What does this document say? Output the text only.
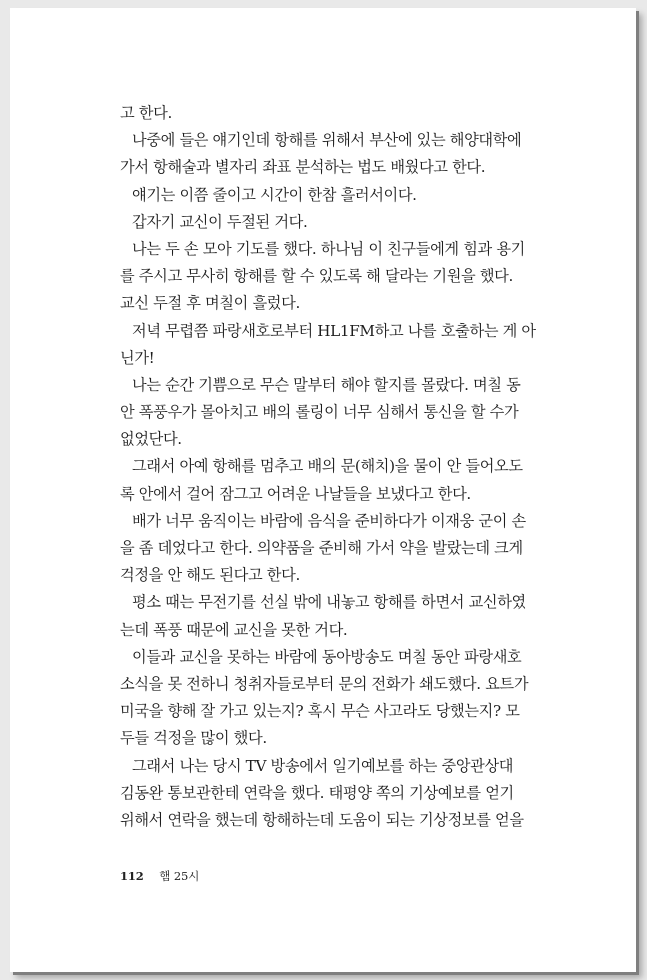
고 한다.
나중에 들은 얘기인데 항해를 위해서 부산에 있는 해양대학에
가서 항해술과 별자리 좌표 분석하는 법도 배웠다고 한다.
얘기는 이쯤 줄이고 시간이 한참 흘러서이다.
갑자기 교신이 두절된 거다.
나는 두 손 모아 기도를 했다. 하나님 이 친구들에게 힘과 용기
를 주시고 무사히 항해를 할 수 있도록 해 달라는 기원을 했다.
교신 두절 후 며칠이 흘렀다.
저녁 무렵쯤 파랑새호로부터 HL1FM하고 나를 호출하는 게 아
닌가!
나는 순간 기쁨으로 무슨 말부터 해야 할지를 몰랐다. 며칠 동
안 폭풍우가 몰아치고 배의 롤링이 너무 심해서 통신을 할 수가
없었단다.
그래서 아예 항해를 멈추고 배의 문(해치)을 물이 안 들어오도
록 안에서 걸어 잠그고 어려운 나날들을 보냈다고 한다.
배가 너무 움직이는 바람에 음식을 준비하다가 이재웅 군이 손
을 좀 데었다고 한다. 의약품을 준비해 가서 약을 발랐는데 크게
걱정을 안 해도 된다고 한다.
평소 때는 무전기를 선실 밖에 내놓고 항해를 하면서 교신하였
는데 폭풍 때문에 교신을 못한 거다.
이들과 교신을 못하는 바람에 동아방송도 며칠 동안 파랑새호
소식을 못 전하니 청취자들로부터 문의 전화가 쇄도했다. 요트가
미국을 향해 잘 가고 있는지? 혹시 무슨 사고라도 당했는지? 모
두들 걱정을 많이 했다.
그래서 나는 당시 TV 방송에서 일기예보를 하는 중앙관상대
김동완 통보관한테 연락을 했다. 태평양 쪽의 기상예보를 얻기
위해서 연락을 했는데 항해하는데 도움이 되는 기상정보를 얻을
112 햄 25시
